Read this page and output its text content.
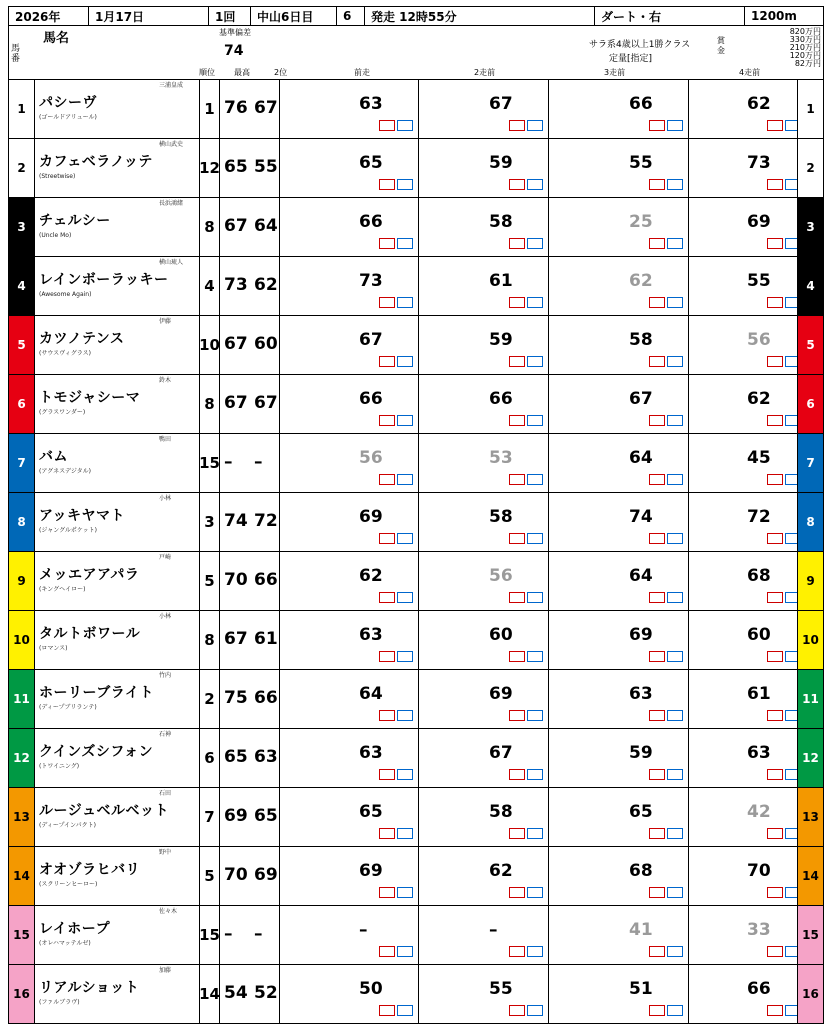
2026年	1月17日	1回	中山6日目	6	発走 12時55分	ダート・右	1200m
馬番
馬名	基準偏差
74
順位 最高	2位	前走	2走前	3走前	4走前
サラ系4歳以上1勝クラス
定量[指定]
賞金
820万円
330万円
210万円
120万円
82万円
1 パシーヴ
(ゴールドアリュール)
三浦皇成
1 76 67	63	67	66	62	1
2 カフェベラノッテ
(Streetwise)
横山武史
12 65 55	65	59	55	73	2
3 チェルシー
(Uncle Mo)
長浜鴻緒
8 67 64	66	58	25	69	3
4 レインボーラッキー
(Awesome Again)
横山琉人
4 73 62	73	61	62	55	4
5 カツノテンス
(サウスヴィグラス)
伊藤
10 67 60	67	59	58	56	5
6 トモジャシーマ
(グラスワンダー)
鈴木
8 67 67	66	66	67	62	6
7 バム
(アグネスデジタル)
鴨田
15 – –	56	53	64	45	7
8 アッキヤマト
(ジャングルポケット)
小林
3 74 72	69	58	74	72	8
9 メッエアアパラ
(キングヘイロー)
戸崎
5 70 66	62	56	64	68	9
10 タルトボワール
(ロマンス)
小林
8 67 61	63	60	69	60	10
11 ホーリーブライト
(ディープブリランテ)
竹内
2 75 66	64	69	63	61	11
12 クインズシフォン
(トワイニング)
石神
6 65 63	63	67	59	63	12
13 ルージュベルベット
(ディープインパクト)
石田
7 69 65	65	58	65	42	13
14 オオゾラヒバリ
(スクリーンヒーロー)
野中
5 70 69	69	62	68	70	14
15 レイホープ
(オレハマッテルゼ)
佐々木
15 – –	–	–	41	33	15
16 リアルショット
(ファルブラヴ)
加藤
14 54 52	50	55	51	66	16
